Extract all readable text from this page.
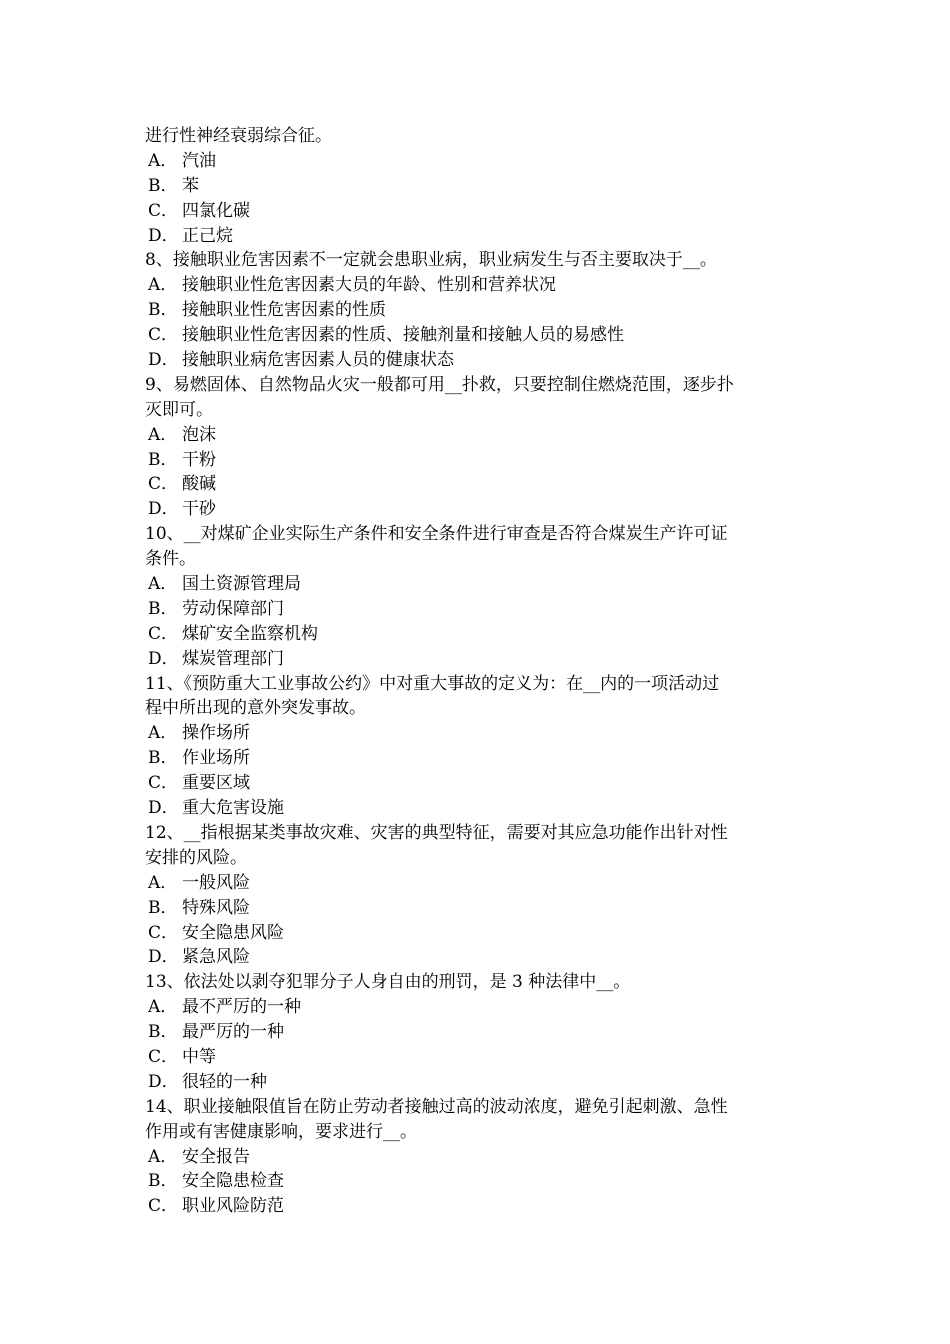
进行性神经衰弱综合征。
A． 汽油
B． 苯
C． 四氯化碳
D． 正己烷
8、接触职业危害因素不一定就会患职业病，职业病发生与否主要取决于__。
A． 接触职业性危害因素大员的年龄、性别和营养状况
B． 接触职业性危害因素的性质
C． 接触职业性危害因素的性质、接触剂量和接触人员的易感性
D． 接触职业病危害因素人员的健康状态
9、易燃固体、自然物品火灾一般都可用__扑救，只要控制住燃烧范围，逐步扑
灭即可。
A． 泡沫
B． 干粉
C． 酸碱
D． 干砂
10、__对煤矿企业实际生产条件和安全条件进行审查是否符合煤炭生产许可证
条件。
A． 国土资源管理局
B． 劳动保障部门
C． 煤矿安全监察机构
D． 煤炭管理部门
11、《预防重大工业事故公约》中对重大事故的定义为：在__内的一项活动过
程中所出现的意外突发事故。
A． 操作场所
B． 作业场所
C． 重要区域
D． 重大危害设施
12、__指根据某类事故灾难、灾害的典型特征，需要对其应急功能作出针对性
安排的风险。
A． 一般风险
B． 特殊风险
C． 安全隐患风险
D． 紧急风险
13、依法处以剥夺犯罪分子人身自由的刑罚，是 3 种法律中__。
A． 最不严厉的一种
B． 最严厉的一种
C． 中等
D． 很轻的一种
14、职业接触限值旨在防止劳动者接触过高的波动浓度，避免引起刺激、急性
作用或有害健康影响，要求进行__。
A． 安全报告
B． 安全隐患检查
C． 职业风险防范
